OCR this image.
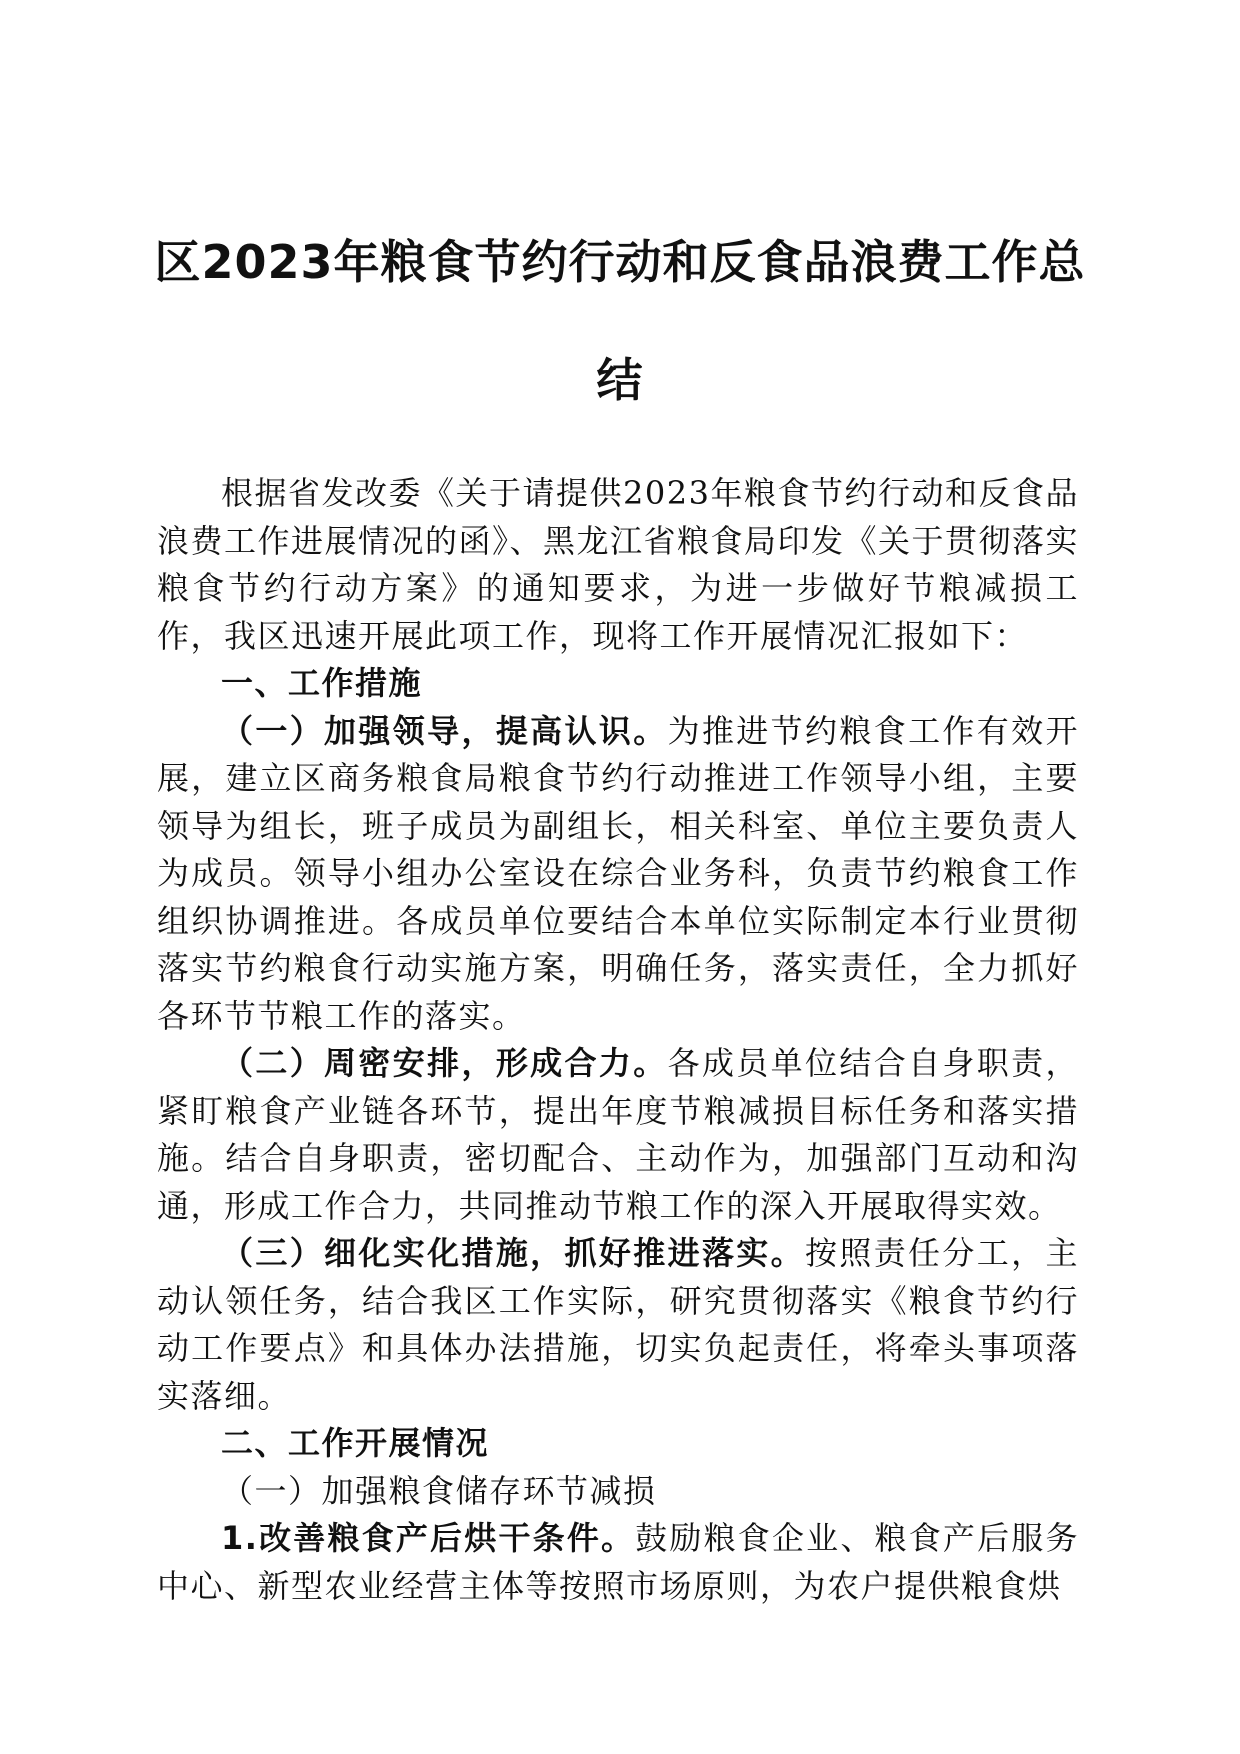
区2023年粮食节约行动和反食品浪费工作总
结

根据省发改委《关于请提供2023年粮食节约行动和反食品浪费工作进展情况的函》、黑龙江省粮食局印发《关于贯彻落实粮食节约行动方案》的通知要求，为进一步做好节粮减损工作，我区迅速开展此项工作，现将工作开展情况汇报如下：

一、工作措施

（一）加强领导，提高认识。为推进节约粮食工作有效开展，建立区商务粮食局粮食节约行动推进工作领导小组，主要领导为组长，班子成员为副组长，相关科室、单位主要负责人为成员。领导小组办公室设在综合业务科，负责节约粮食工作组织协调推进。各成员单位要结合本单位实际制定本行业贯彻落实节约粮食行动实施方案，明确任务，落实责任，全力抓好各环节节粮工作的落实。

（二）周密安排，形成合力。各成员单位结合自身职责，紧盯粮食产业链各环节，提出年度节粮减损目标任务和落实措施。结合自身职责，密切配合、主动作为，加强部门互动和沟通，形成工作合力，共同推动节粮工作的深入开展取得实效。

（三）细化实化措施，抓好推进落实。按照责任分工，主动认领任务，结合我区工作实际，研究贯彻落实《粮食节约行动工作要点》和具体办法措施，切实负起责任，将牵头事项落实落细。

二、工作开展情况

（一）加强粮食储存环节减损

1.改善粮食产后烘干条件。鼓励粮食企业、粮食产后服务中心、新型农业经营主体等按照市场原则，为农户提供粮食烘
